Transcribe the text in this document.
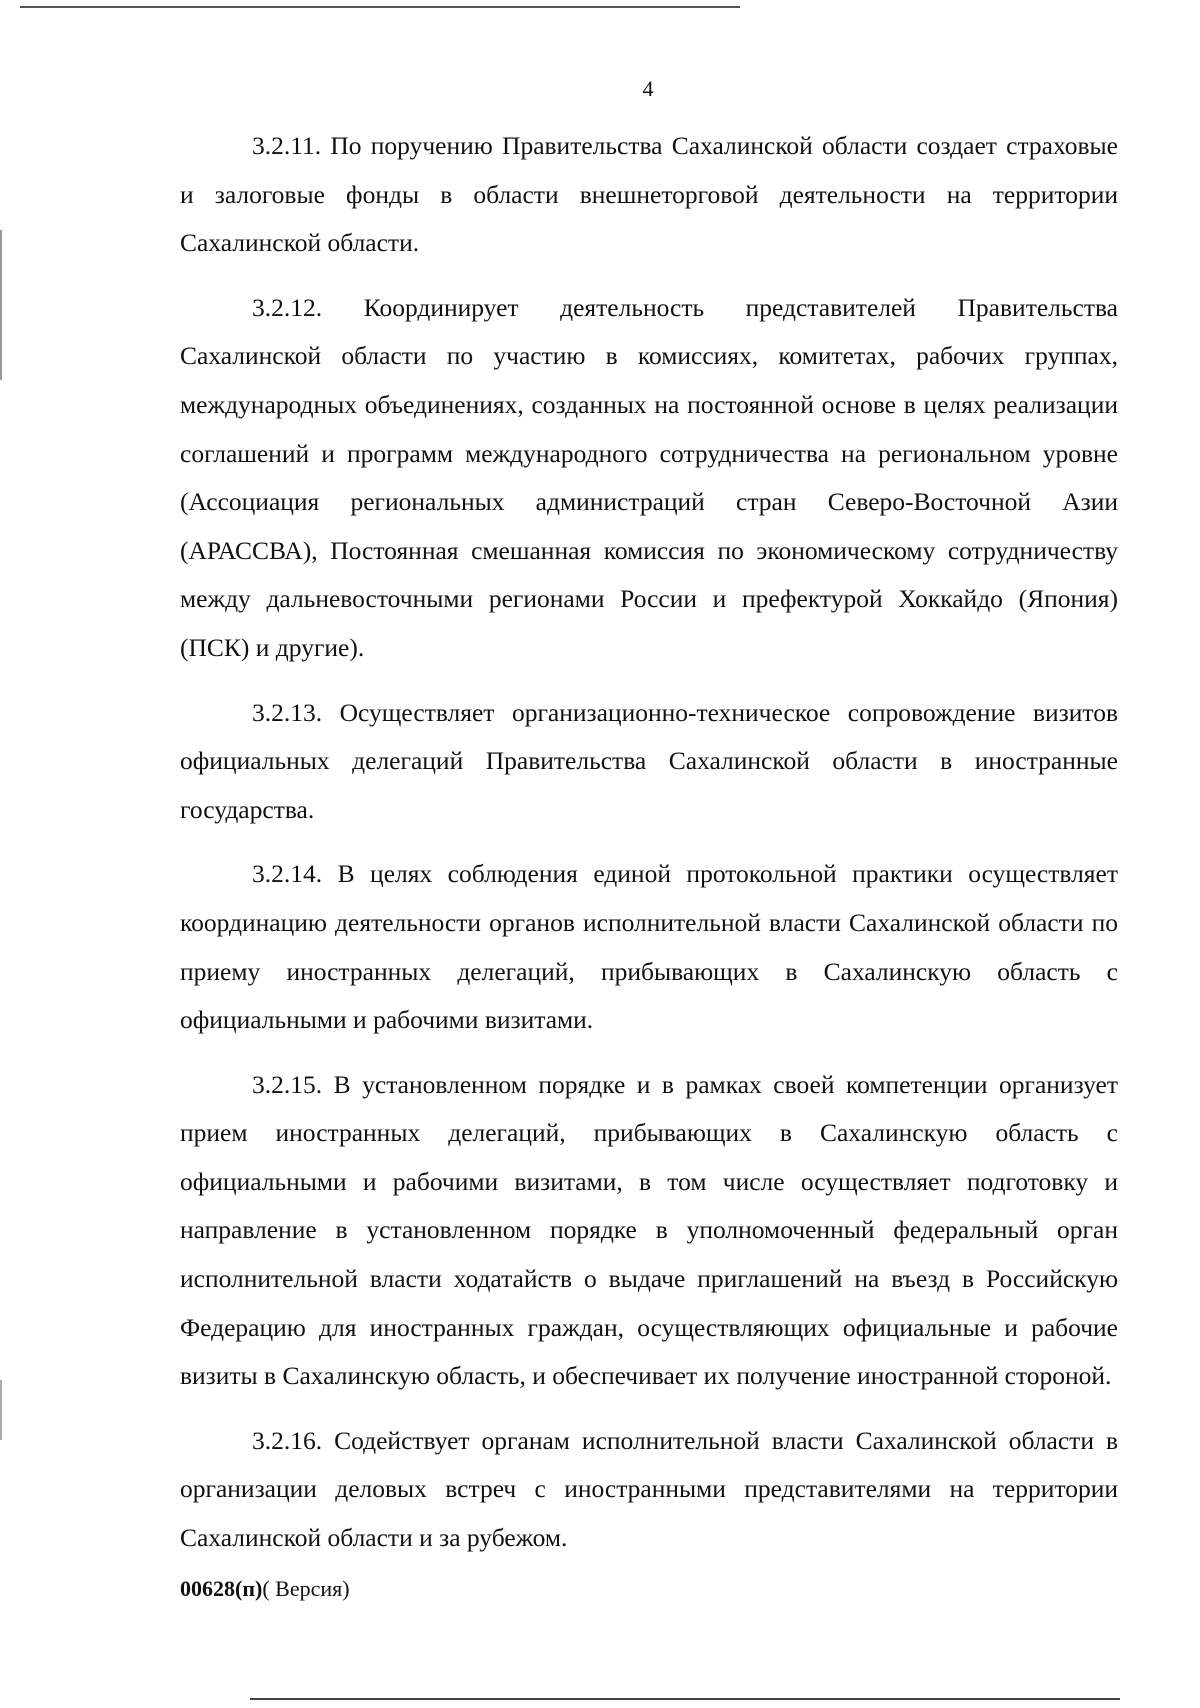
4

3.2.11. По поручению Правительства Сахалинской области создает страховые и залоговые фонды в области внешнеторговой деятельности на территории Сахалинской области.

3.2.12. Координирует деятельность представителей Правительства Сахалинской области по участию в комиссиях, комитетах, рабочих группах, международных объединениях, созданных на постоянной основе в целях реализации соглашений и программ международного сотрудничества на региональном уровне (Ассоциация региональных администраций стран Северо-Восточной Азии (АРАССВА), Постоянная смешанная комиссия по экономическому сотрудничеству между дальневосточными регионами России и префектурой Хоккайдо (Япония) (ПСК) и другие).

3.2.13. Осуществляет организационно-техническое сопровождение визитов официальных делегаций Правительства Сахалинской области в иностранные государства.

3.2.14. В целях соблюдения единой протокольной практики осуществляет координацию деятельности органов исполнительной власти Сахалинской области по приему иностранных делегаций, прибывающих в Сахалинскую область с официальными и рабочими визитами.

3.2.15. В установленном порядке и в рамках своей компетенции организует прием иностранных делегаций, прибывающих в Сахалинскую область с официальными и рабочими визитами, в том числе осуществляет подготовку и направление в установленном порядке в уполномоченный федеральный орган исполнительной власти ходатайств о выдаче приглашений на въезд в Российскую Федерацию для иностранных граждан, осуществляющих официальные и рабочие визиты в Сахалинскую область, и обеспечивает их получение иностранной стороной.

3.2.16. Содействует органам исполнительной власти Сахалинской области в организации деловых встреч с иностранными представителями на территории Сахалинской области и за рубежом.

00628(п)( Версия)
